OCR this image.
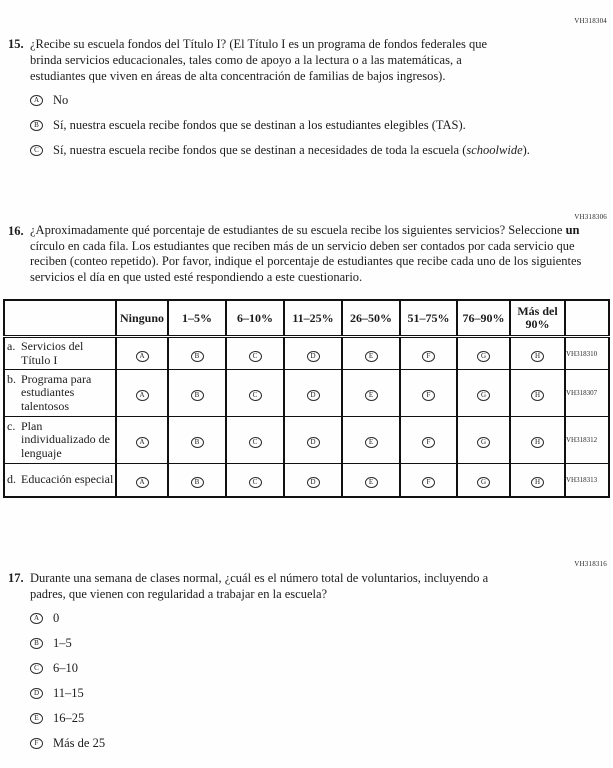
VH318304
15. ¿Recibe su escuela fondos del Título I? (El Título I es un programa de fondos federales que brinda servicios educacionales, tales como de apoyo a la lectura o a las matemáticas, a estudiantes que viven en áreas de alta concentración de familias de bajos ingresos).

A	No
B	Sí, nuestra escuela recibe fondos que se destinan a los estudiantes elegibles (TAS).
C	Sí, nuestra escuela recibe fondos que se destinan a necesidades de toda la escuela (schoolwide).
VH318306
16. ¿Aproximadamente qué porcentaje de estudiantes de su escuela recibe los siguientes servicios? Seleccione un círculo en cada fila. Los estudiantes que reciben más de un servicio deben ser contados por cada servicio que reciben (conteo repetido). Por favor, indique el porcentaje de estudiantes que recibe cada uno de los siguientes servicios el día en que usted esté respondiendo a este cuestionario.

	Ninguno	1–5%	6–10%	11–25%	26–50%	51–75%	76–90%	Más del 90%	

a. Servicios del Título I	A	B	C	D	E	F	G	H	VH318310

b. Programa para estudiantes talentosos	A	B	C	D	E	F	G	H	VH318307

c. Plan individualizado de lenguaje	A	B	C	D	E	F	G	H	VH318312

d. Educación especial	A	B	C	D	E	F	G	H	VH318313
VH318316
17. Durante una semana de clases normal, ¿cuál es el número total de voluntarios, incluyendo a padres, que vienen con regularidad a trabajar en la escuela?

A	0
B	1–5
C	6–10
D	11–15
E	16–25
F	Más de 25
